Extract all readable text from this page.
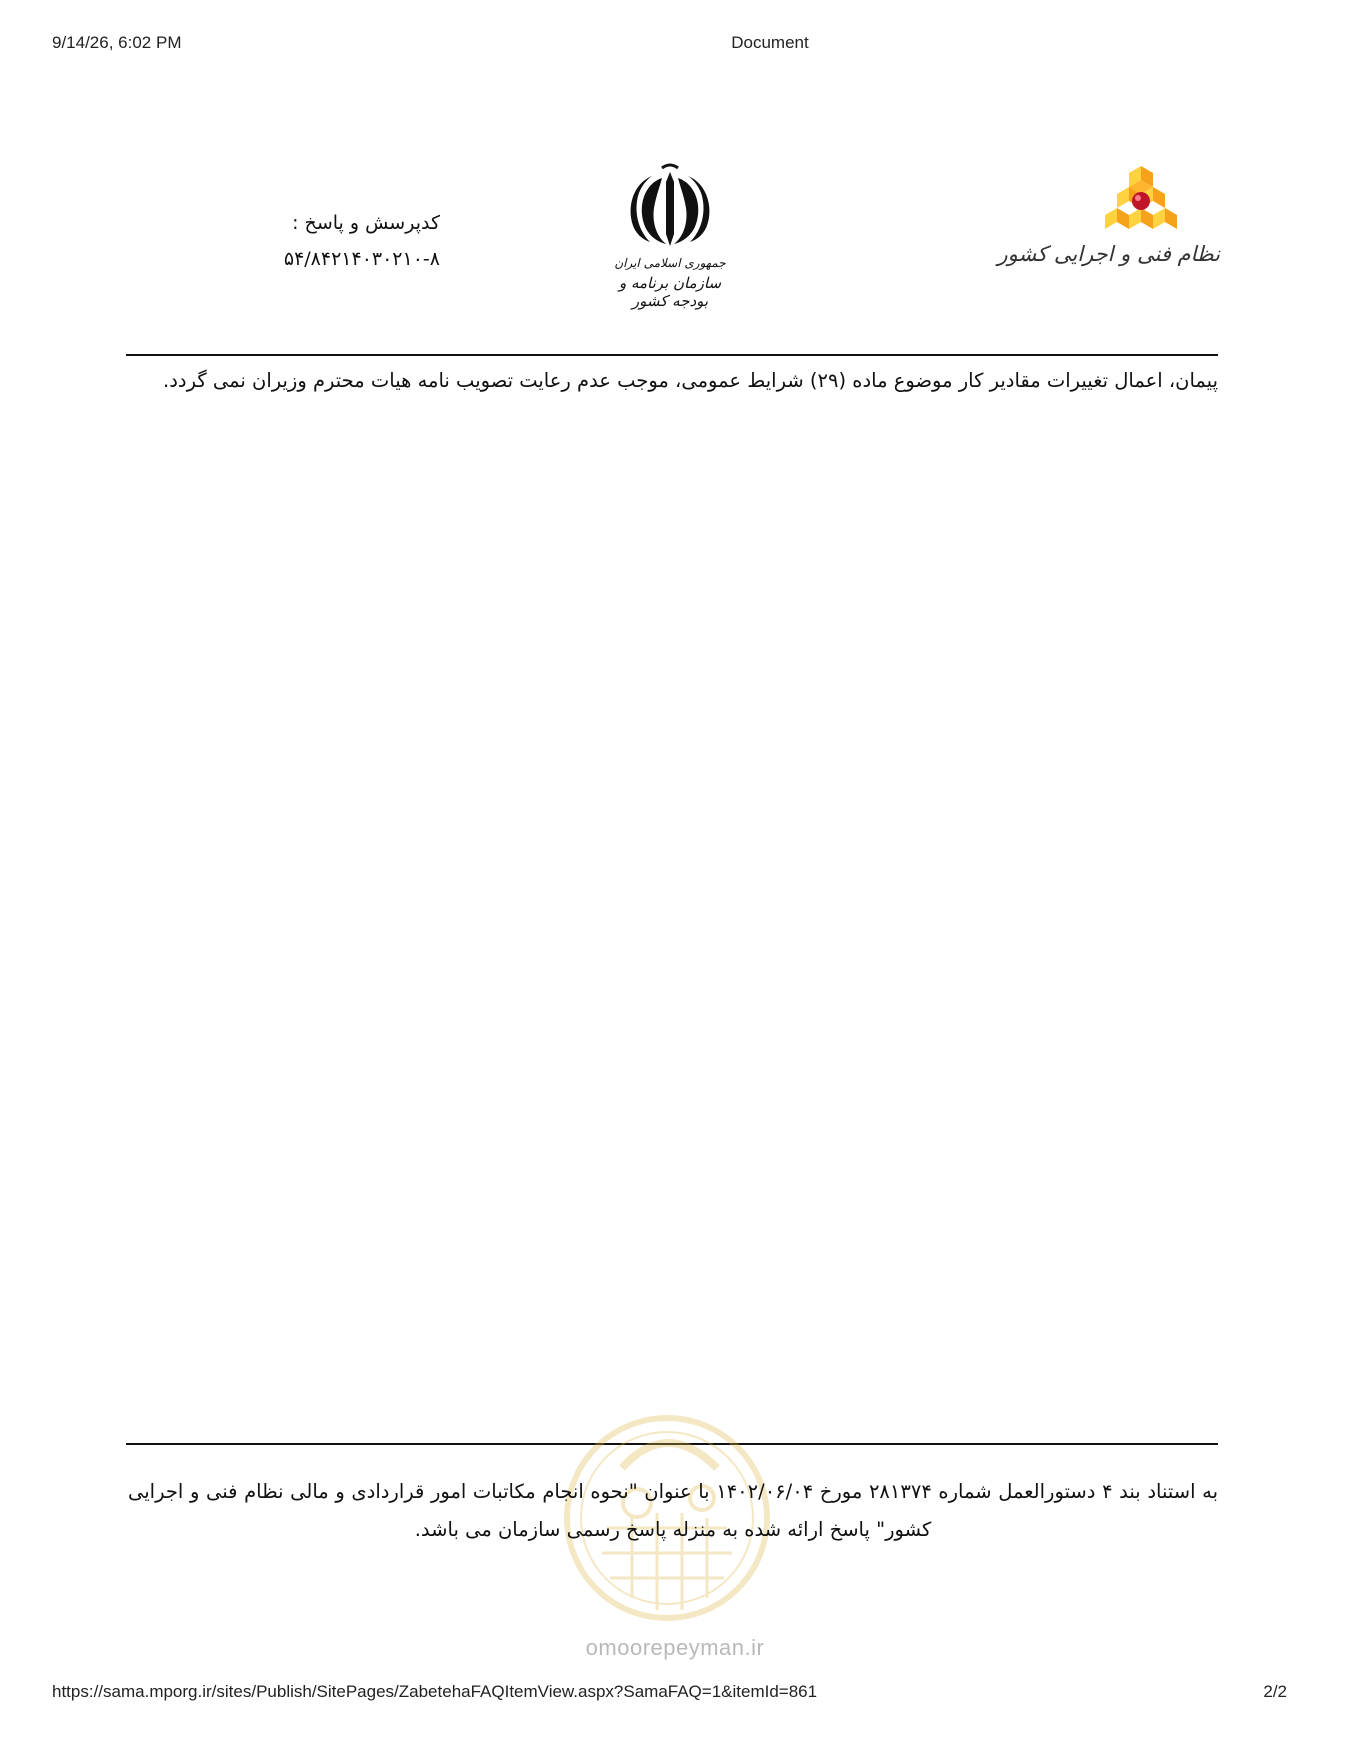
9/14/26, 6:02 PM	Document
کدپرسش و پاسخ :
۵۴/۸۴۲۱۴۰۳۰۲۱۰-۸	جمهوری اسلامی ایران
سازمان برنامه و بودجه کشور
نظام فنی و اجرایی کشور
پیمان، اعمال تغییرات مقادیر کار موضوع ماده (۲۹) شرایط عمومی، موجب عدم رعایت تصویب نامه هیات محترم وزیران نمی گردد.
omoorepeyman.ir
به استناد بند ۴ دستورالعمل شماره ۲۸۱۳۷۴ مورخ ۱۴۰۲/۰۶/۰۴ با عنوان "نحوه انجام مکاتبات امور قراردادی و مالی نظام فنی و اجرایی کشور" پاسخ ارائه شده به منزله پاسخ رسمی سازمان می باشد.
https://sama.mporg.ir/sites/Publish/SitePages/ZabetehaFAQItemView.aspx?SamaFAQ=1&itemId=861	2/2
